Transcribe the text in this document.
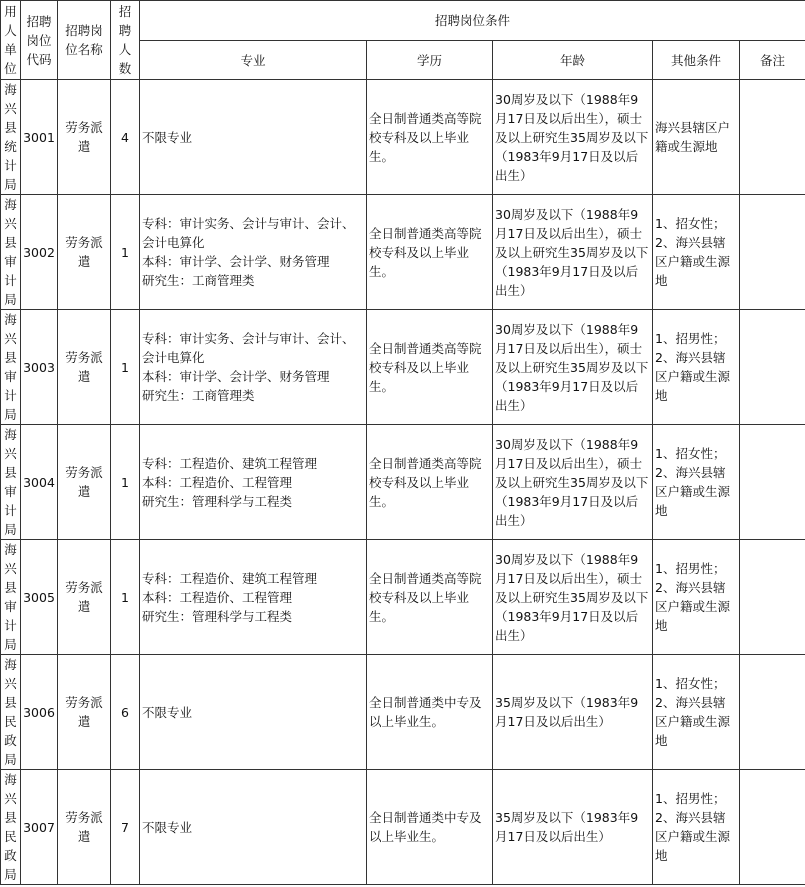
用人单位	招聘岗位代码	招聘岗位名称	招聘人数	招聘岗位条件				
				专业	学历	年龄	其他条件	备注
海兴县统计局	3001	劳务派遣	4	不限专业	全日制普通类高等院校专科及以上毕业生。	30周岁及以下（1988年9月17日及以后出生），硕士及以上研究生35周岁及以下（1983年9月17日及以后出生）	海兴县辖区户籍或生源地	
海兴县审计局	3002	劳务派遣	1	专科：审计实务、会计与审计、会计、会计电算化
本科：审计学、会计学、财务管理
研究生：工商管理类	全日制普通类高等院校专科及以上毕业生。	30周岁及以下（1988年9月17日及以后出生），硕士及以上研究生35周岁及以下（1983年9月17日及以后出生）	1、招女性；
2、海兴县辖区户籍或生源地	
海兴县审计局	3003	劳务派遣	1	专科：审计实务、会计与审计、会计、会计电算化
本科：审计学、会计学、财务管理
研究生：工商管理类	全日制普通类高等院校专科及以上毕业生。	30周岁及以下（1988年9月17日及以后出生），硕士及以上研究生35周岁及以下（1983年9月17日及以后出生）	1、招男性；
2、海兴县辖区户籍或生源地	
海兴县审计局	3004	劳务派遣	1	专科：工程造价、建筑工程管理
本科：工程造价、工程管理
研究生：管理科学与工程类	全日制普通类高等院校专科及以上毕业生。	30周岁及以下（1988年9月17日及以后出生），硕士及以上研究生35周岁及以下（1983年9月17日及以后出生）	1、招女性；
2、海兴县辖区户籍或生源地	
海兴县审计局	3005	劳务派遣	1	专科：工程造价、建筑工程管理
本科：工程造价、工程管理
研究生：管理科学与工程类	全日制普通类高等院校专科及以上毕业生。	30周岁及以下（1988年9月17日及以后出生），硕士及以上研究生35周岁及以下（1983年9月17日及以后出生）	1、招男性；
2、海兴县辖区户籍或生源地	
海兴县民政局	3006	劳务派遣	6	不限专业	全日制普通类中专及以上毕业生。	35周岁及以下（1983年9月17日及以后出生）	1、招女性；
2、海兴县辖区户籍或生源地	
海兴县民政局	3007	劳务派遣	7	不限专业	全日制普通类中专及以上毕业生。	35周岁及以下（1983年9月17日及以后出生）	1、招男性；
2、海兴县辖区户籍或生源地	
